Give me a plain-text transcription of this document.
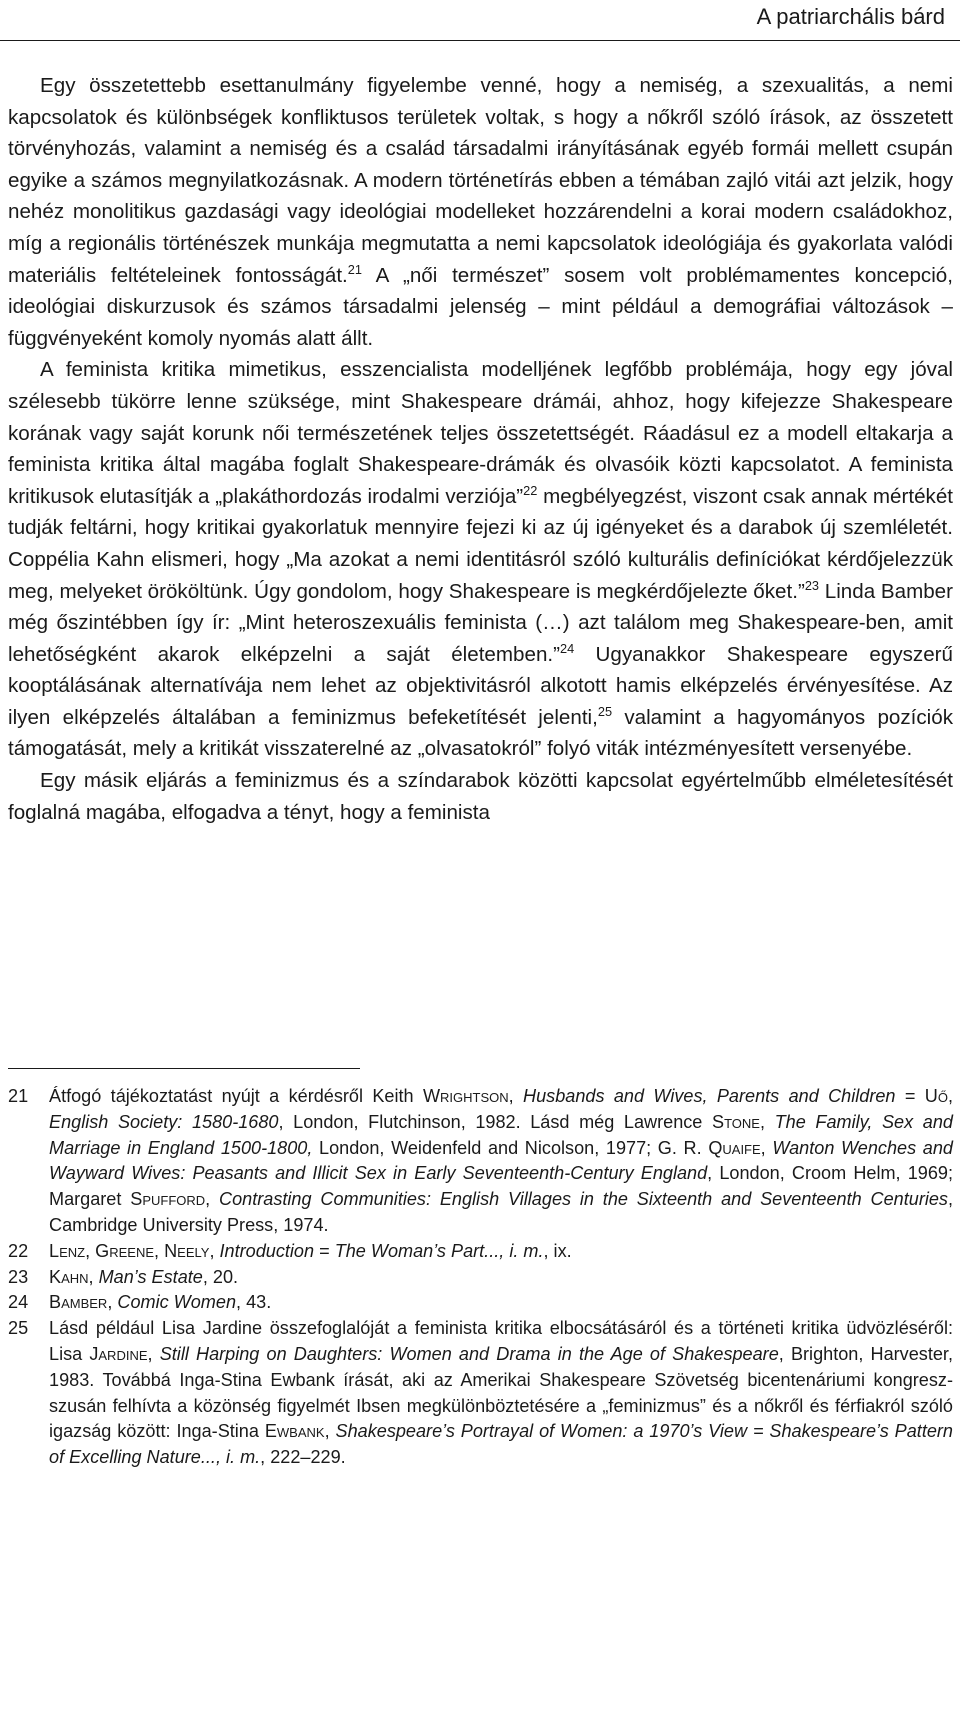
A patriarchális bárd

Egy összetettebb esettanulmány figyelembe venné, hogy a nemiség, a szexualitás, a nemi kapcsolatok és különbségek konfliktusos területek voltak, s hogy a nőkről szóló írások, az összetett törvényhozás, valamint a nemiség és a család társadalmi irányításának egyéb formái mellett csupán egyike a számos megnyilatkozásnak. A modern történetírás ebben a témában zajló vitái azt jelzik, hogy nehéz monolitikus gazdasági vagy ideológiai modelleket hozzárendelni a korai modern családokhoz, míg a regionális történészek munkája megmutatta a nemi kapcsolatok ideológiája és gyakorlata valódi materiális feltételeinek fontosságát.$^{21}$ A „női természet” sosem volt problémamentes koncepció, ideológiai diskurzusok és számos társadalmi jelenség – mint például a demográfiai változások – függvényeként komoly nyomás alatt állt.

A feminista kritika mimetikus, esszencialista modelljének legfőbb problémája, hogy egy jóval szélesebb tükörre lenne szüksége, mint Shakespeare drámái, ahhoz, hogy kifejezze Shakespeare korának vagy saját korunk női természetének teljes összetettségét. Ráadásul ez a modell eltakarja a feminista kritika által magába foglalt Shakespeare-drámák és olvasóik közti kapcsolatot. A feminista kritikusok elutasítják a „plakáthordozás irodalmi verziója”$^{22}$ megbélyegzést, viszont csak annak mértékét tudják feltárni, hogy kritikai gyakorlatuk mennyire fejezi ki az új igényeket és a darabok új szemléletét. Coppélia Kahn elismeri, hogy „Ma azokat a nemi identitásról szóló kulturális definíciókat kérdőjelezzük meg, melyeket örököltünk. Úgy gondolom, hogy Shakespeare is megkérdőjelezte őket.”$^{23}$ Linda Bamber még őszintébben így ír: „Mint heteroszexuális feminista (…) azt találom meg Shakespeare-ben, amit lehetőségként akarok elképzelni a saját életemben.”$^{24}$ Ugyanakkor Shakespeare egyszerű kooptálásának alternatívája nem lehet az objektivitásról alkotott hamis elképzelés érvényesítése. Az ilyen elképzelés általában a feminizmus befeketítését jelenti,$^{25}$ valamint a hagyományos pozíciók támogatását, mely a kritikát visszaterelné az „olvasatokról” folyó viták intézményesített versenyébe.

Egy másik eljárás a feminizmus és a színdarabok közötti kapcsolat egyértelműbb elméletesítését foglalná magába, elfogadva a tényt, hogy a feminista

21 Átfogó tájékoztatást nyújt a kérdésről Keith Wrightson, Husbands and Wives, Parents and Children = Uő, English Society: 1580-1680, London, Flutchinson, 1982. Lásd még Lawrence Stone, The Family, Sex and Marriage in England 1500-1800, London, Weidenfeld and Nicolson, 1977; G. R. Quaife, Wanton Wenches and Wayward Wives: Peasants and Illicit Sex in Early Seventeenth-Century England, London, Croom Helm, 1969; Margaret Spufford, Contrasting Communities: English Villages in the Sixteenth and Seventeenth Centuries, Cambridge University Press, 1974.
22 Lenz, Greene, Neely, Introduction = The Woman’s Part..., i. m., ix.
23 Kahn, Man’s Estate, 20.
24 Bamber, Comic Women, 43.
25 Lásd például Lisa Jardine összefoglalóját a feminista kritika elbocsátásáról és a történeti kritika üdvözléséről: Lisa Jardine, Still Harping on Daughters: Women and Drama in the Age of Shakespeare, Brighton, Harvester, 1983. Továbbá Inga-Stina Ewbank írását, aki az Amerikai Shakespeare Szövetség bicentenáriumi kongreszszusán felhívta a közönség figyelmét Ibsen megkülönböztetésére a „feminizmus” és a nőkről és férfiakról szóló igazság között: Inga-Stina Ewbank, Shakespeare’s Portrayal of Women: a 1970’s View = Shakespeare’s Pattern of Excelling Nature..., i. m., 222–229.
